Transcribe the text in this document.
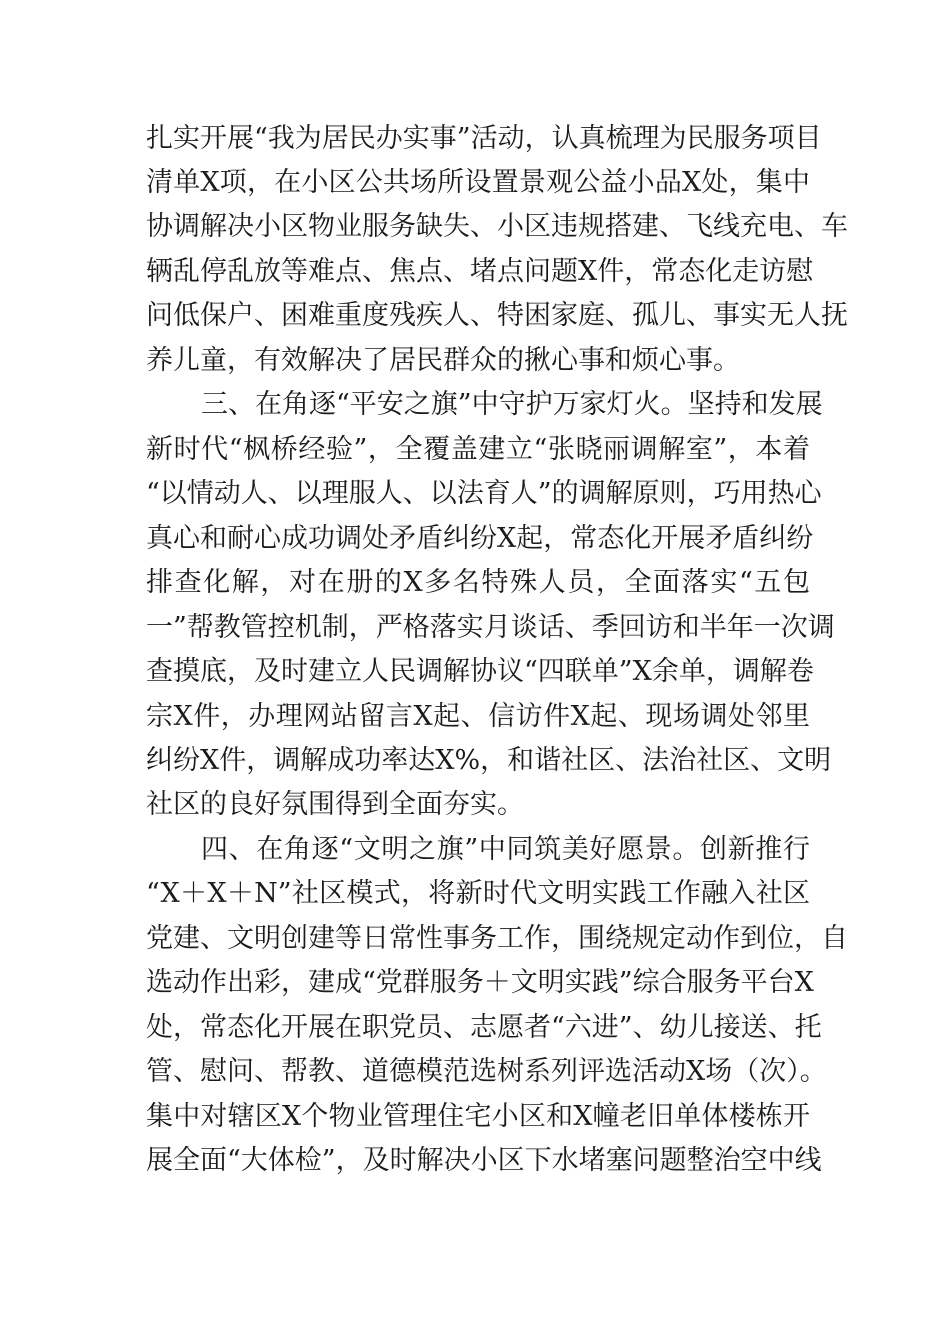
扎实开展“我为居民办实事”活动，认真梳理为民服务项目
清单X项，在小区公共场所设置景观公益小品X处，集中
协调解决小区物业服务缺失、小区违规搭建、飞线充电、车
辆乱停乱放等难点、焦点、堵点问题X件，常态化走访慰
问低保户、困难重度残疾人、特困家庭、孤儿、事实无人抚
养儿童，有效解决了居民群众的揪心事和烦心事。
三、在角逐“平安之旗”中守护万家灯火。坚持和发展
新时代“枫桥经验”，全覆盖建立“张晓丽调解室”，本着
“以情动人、以理服人、以法育人”的调解原则，巧用热心
真心和耐心成功调处矛盾纠纷X起，常态化开展矛盾纠纷
排查化解，对在册的X多名特殊人员，全面落实“五包
一”帮教管控机制，严格落实月谈话、季回访和半年一次调
查摸底，及时建立人民调解协议“四联单”X余单，调解卷
宗X件，办理网站留言X起、信访件X起、现场调处邻里
纠纷X件，调解成功率达X%，和谐社区、法治社区、文明
社区的良好氛围得到全面夯实。
四、在角逐“文明之旗”中同筑美好愿景。创新推行
“X＋X＋N”社区模式，将新时代文明实践工作融入社区
党建、文明创建等日常性事务工作，围绕规定动作到位，自
选动作出彩，建成“党群服务＋文明实践”综合服务平台X
处，常态化开展在职党员、志愿者“六进”、幼儿接送、托
管、慰问、帮教、道德模范选树系列评选活动X场（次）。
集中对辖区X个物业管理住宅小区和X幢老旧单体楼栋开
展全面“大体检”，及时解决小区下水堵塞问题整治空中线
